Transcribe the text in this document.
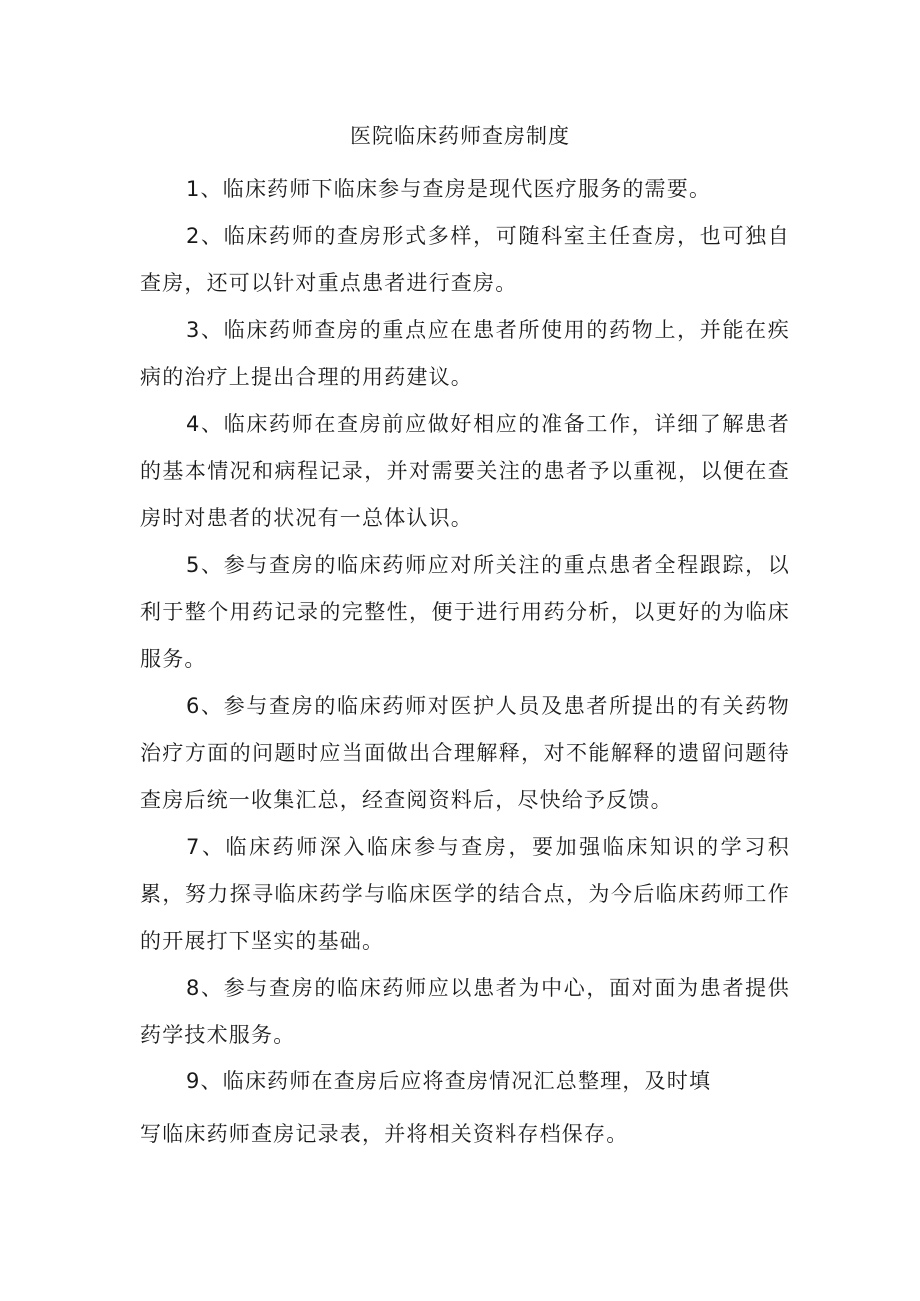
医院临床药师查房制度

1、临床药师下临床参与查房是现代医疗服务的需要。

2、临床药师的查房形式多样，可随科室主任查房，也可独自查房，还可以针对重点患者进行查房。

3、临床药师查房的重点应在患者所使用的药物上，并能在疾病的治疗上提出合理的用药建议。

4、临床药师在查房前应做好相应的准备工作，详细了解患者的基本情况和病程记录，并对需要关注的患者予以重视，以便在查房时对患者的状况有一总体认识。

5、参与查房的临床药师应对所关注的重点患者全程跟踪，以利于整个用药记录的完整性，便于进行用药分析，以更好的为临床服务。

6、参与查房的临床药师对医护人员及患者所提出的有关药物治疗方面的问题时应当面做出合理解释，对不能解释的遗留问题待查房后统一收集汇总，经查阅资料后，尽快给予反馈。

7、临床药师深入临床参与查房，要加强临床知识的学习积累，努力探寻临床药学与临床医学的结合点，为今后临床药师工作的开展打下坚实的基础。

8、参与查房的临床药师应以患者为中心，面对面为患者提供药学技术服务。

9、临床药师在查房后应将查房情况汇总整理，及时填

写临床药师查房记录表，并将相关资料存档保存。
